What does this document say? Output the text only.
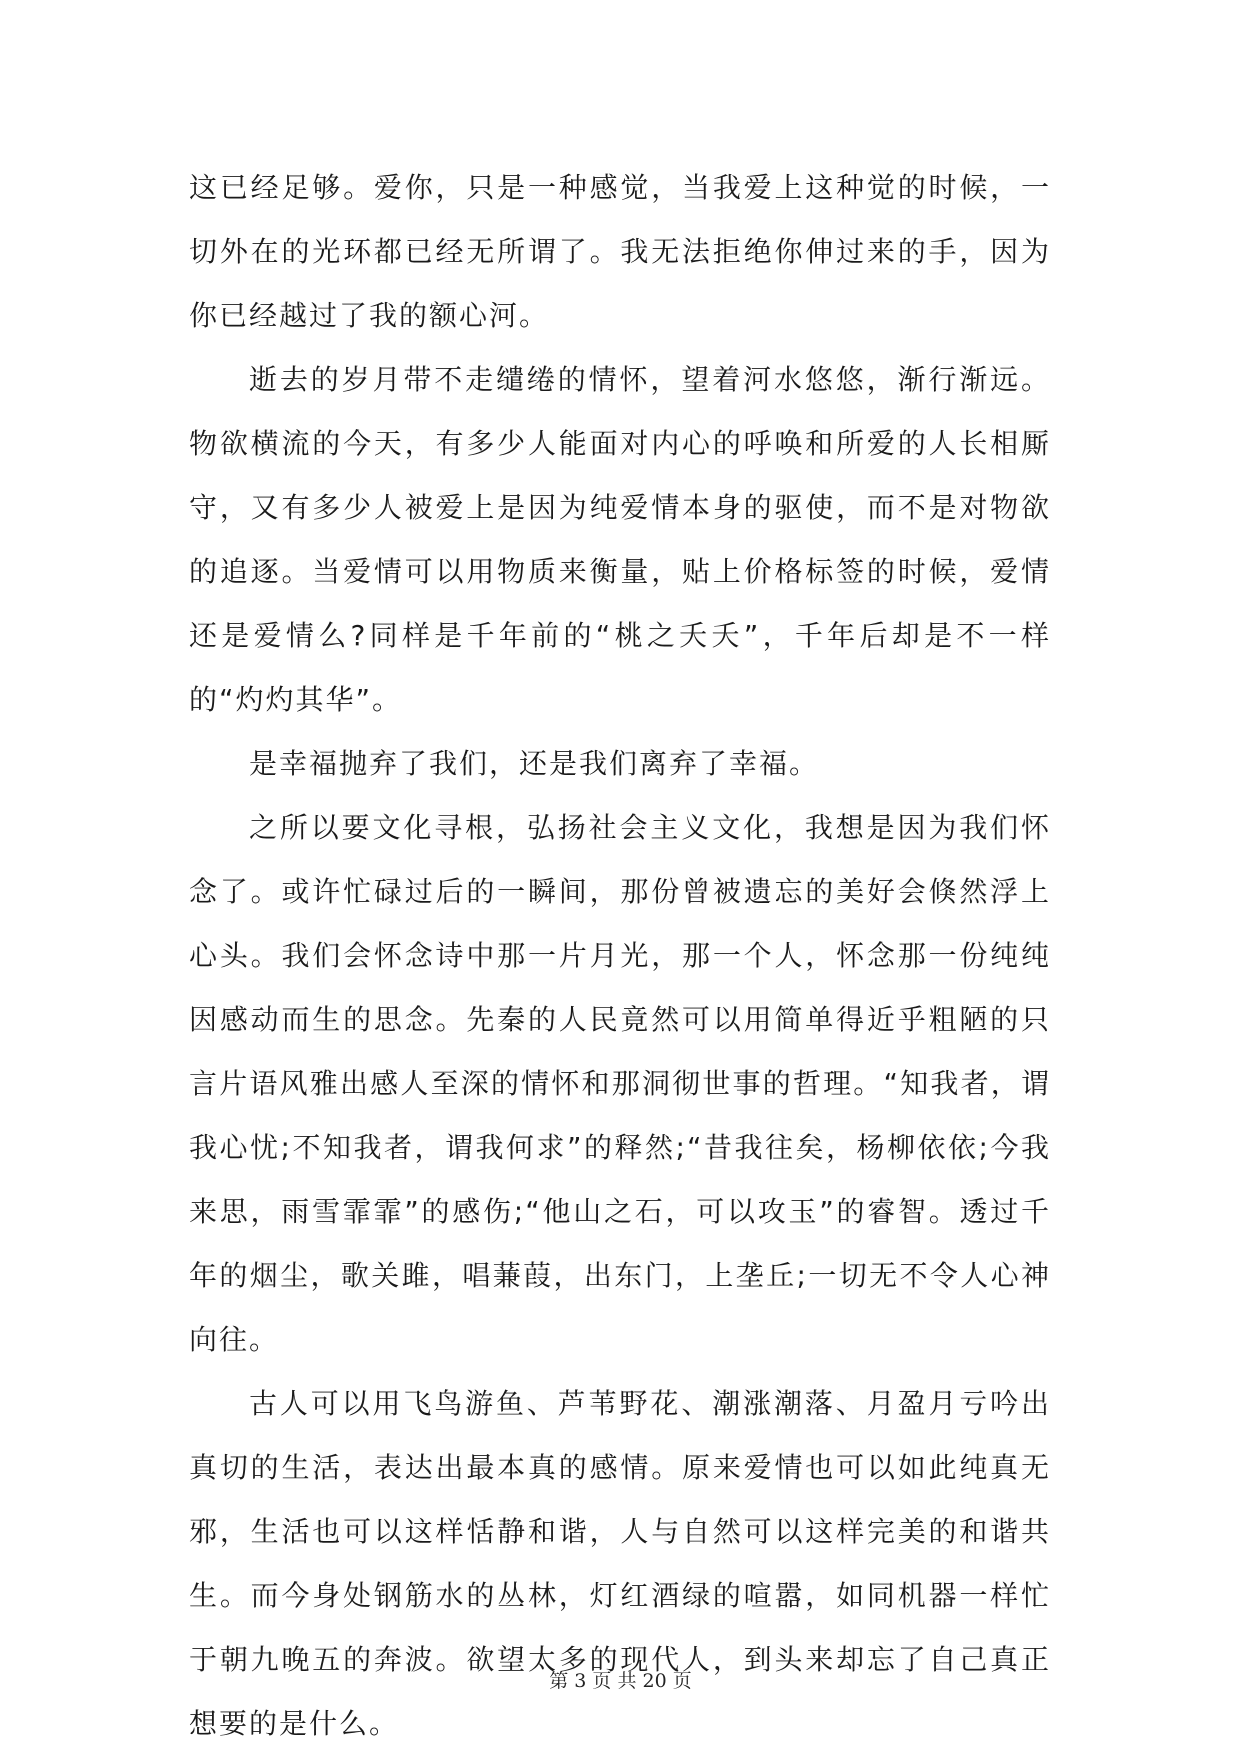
这已经足够。爱你，只是一种感觉，当我爱上这种觉的时候，一切外在的光环都已经无所谓了。我无法拒绝你伸过来的手，因为你已经越过了我的额心河。

逝去的岁月带不走缱绻的情怀，望着河水悠悠，渐行渐远。物欲横流的今天，有多少人能面对内心的呼唤和所爱的人长相厮守，又有多少人被爱上是因为纯爱情本身的驱使，而不是对物欲的追逐。当爱情可以用物质来衡量，贴上价格标签的时候，爱情还是爱情么?同样是千年前的“桃之夭夭”，千年后却是不一样的“灼灼其华”。

是幸福抛弃了我们，还是我们离弃了幸福。

之所以要文化寻根，弘扬社会主义文化，我想是因为我们怀念了。或许忙碌过后的一瞬间，那份曾被遗忘的美好会倏然浮上心头。我们会怀念诗中那一片月光，那一个人，怀念那一份纯纯因感动而生的思念。先秦的人民竟然可以用简单得近乎粗陋的只言片语风雅出感人至深的情怀和那洞彻世事的哲理。“知我者，谓我心忧;不知我者，谓我何求”的释然;“昔我往矣，杨柳依依;今我来思，雨雪霏霏”的感伤;“他山之石，可以攻玉”的睿智。透过千年的烟尘，歌关雎，唱蒹葭，出东门，上垄丘;一切无不令人心神向往。

古人可以用飞鸟游鱼、芦苇野花、潮涨潮落、月盈月亏吟出真切的生活，表达出最本真的感情。原来爱情也可以如此纯真无邪，生活也可以这样恬静和谐，人与自然可以这样完美的和谐共生。而今身处钢筋水的丛林，灯红酒绿的喧嚣，如同机器一样忙于朝九晚五的奔波。欲望太多的现代人，到头来却忘了自己真正想要的是什么。

第 3 页 共 20 页
